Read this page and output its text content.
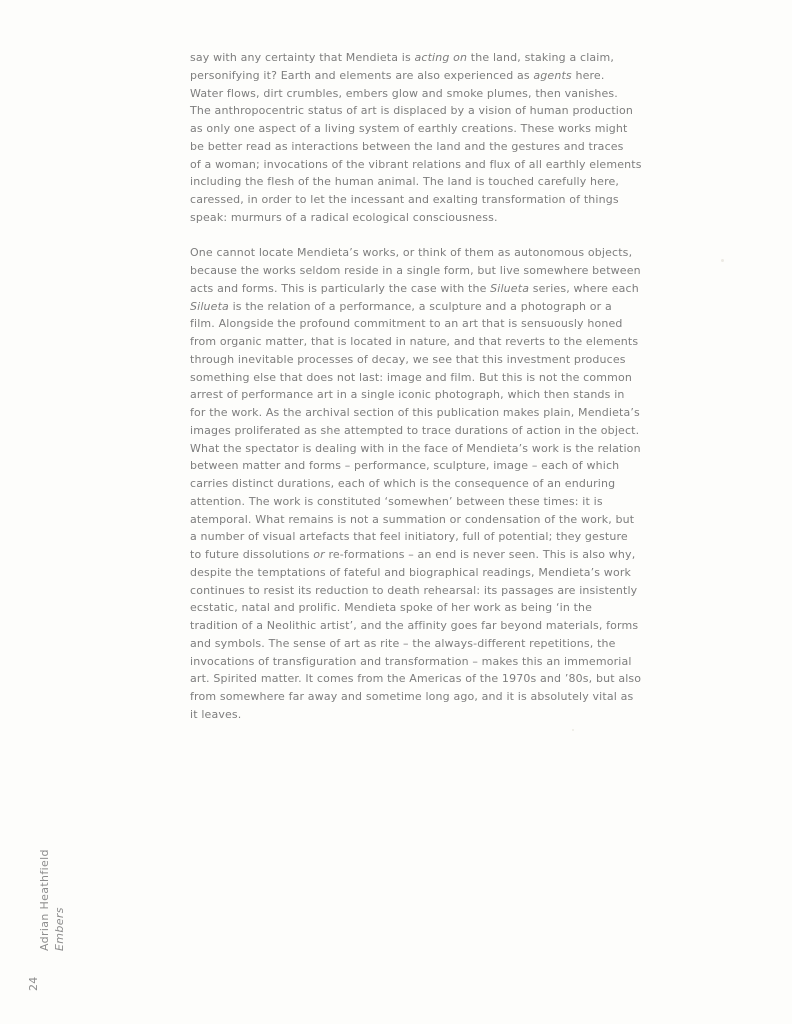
say with any certainty that Mendieta is acting on the land, staking a claim,
personifying it? Earth and elements are also experienced as agents here.
Water flows, dirt crumbles, embers glow and smoke plumes, then vanishes.
The anthropocentric status of art is displaced by a vision of human production
as only one aspect of a living system of earthly creations. These works might
be better read as interactions between the land and the gestures and traces
of a woman; invocations of the vibrant relations and flux of all earthly elements
including the flesh of the human animal. The land is touched carefully here,
caressed, in order to let the incessant and exalting transformation of things
speak: murmurs of a radical ecological consciousness.
One cannot locate Mendieta’s works, or think of them as autonomous objects,
because the works seldom reside in a single form, but live somewhere between
acts and forms. This is particularly the case with the Silueta series, where each
Silueta is the relation of a performance, a sculpture and a photograph or a
film. Alongside the profound commitment to an art that is sensuously honed
from organic matter, that is located in nature, and that reverts to the elements
through inevitable processes of decay, we see that this investment produces
something else that does not last: image and film. But this is not the common
arrest of performance art in a single iconic photograph, which then stands in
for the work. As the archival section of this publication makes plain, Mendieta’s
images proliferated as she attempted to trace durations of action in the object.
What the spectator is dealing with in the face of Mendieta’s work is the relation
between matter and forms – performance, sculpture, image – each of which
carries distinct durations, each of which is the consequence of an enduring
attention. The work is constituted ‘somewhen’ between these times: it is
atemporal. What remains is not a summation or condensation of the work, but
a number of visual artefacts that feel initiatory, full of potential; they gesture
to future dissolutions or re-formations – an end is never seen. This is also why,
despite the temptations of fateful and biographical readings, Mendieta’s work
continues to resist its reduction to death rehearsal: its passages are insistently
ecstatic, natal and prolific. Mendieta spoke of her work as being ‘in the
tradition of a Neolithic artist’, and the affinity goes far beyond materials, forms
and symbols. The sense of art as rite – the always-different repetitions, the
invocations of transfiguration and transformation – makes this an immemorial
art. Spirited matter. It comes from the Americas of the 1970s and ’80s, but also
from somewhere far away and sometime long ago, and it is absolutely vital as
it leaves.
Adrian Heathfield Embers
24
